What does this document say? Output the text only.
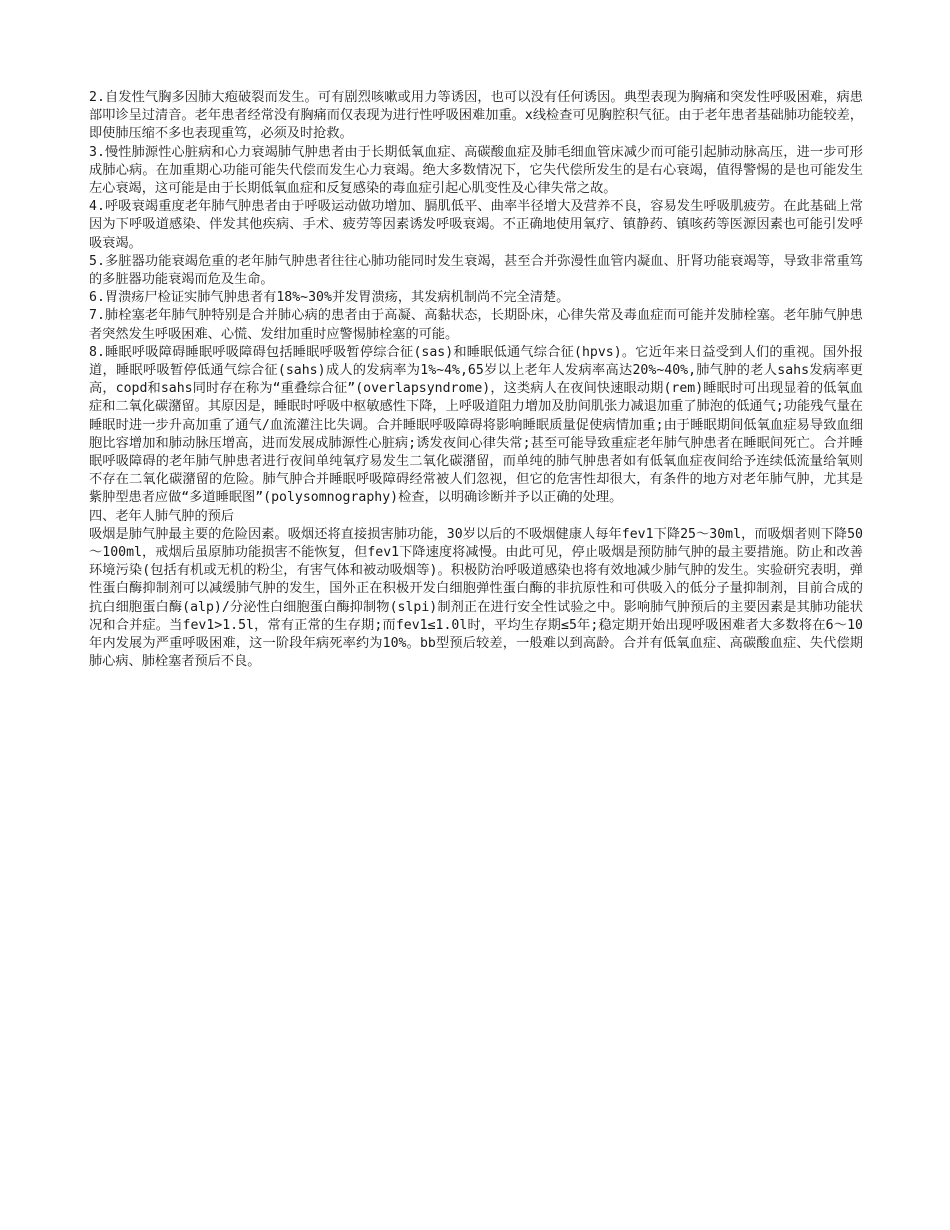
2.自发性气胸多因肺大疱破裂而发生。可有剧烈咳嗽或用力等诱因，也可以没有任何诱因。典型表现为胸痛和突发性呼吸困难，病患部叩诊呈过清音。老年患者经常没有胸痛而仅表现为进行性呼吸困难加重。x线检查可见胸腔积气征。由于老年患者基础肺功能较差，即使肺压缩不多也表现重笃，必须及时抢救。

3.慢性肺源性心脏病和心力衰竭肺气肿患者由于长期低氧血症、高碳酸血症及肺毛细血管床减少而可能引起肺动脉高压，进一步可形成肺心病。在加重期心功能可能失代偿而发生心力衰竭。绝大多数情况下，它失代偿所发生的是右心衰竭，值得警惕的是也可能发生左心衰竭，这可能是由于长期低氧血症和反复感染的毒血症引起心肌变性及心律失常之故。

4.呼吸衰竭重度老年肺气肿患者由于呼吸运动做功增加、膈肌低平、曲率半径增大及营养不良，容易发生呼吸肌疲劳。在此基础上常因为下呼吸道感染、伴发其他疾病、手术、疲劳等因素诱发呼吸衰竭。不正确地使用氧疗、镇静药、镇咳药等医源因素也可能引发呼吸衰竭。

5.多脏器功能衰竭危重的老年肺气肿患者往往心肺功能同时发生衰竭，甚至合并弥漫性血管内凝血、肝肾功能衰竭等，导致非常重笃的多脏器功能衰竭而危及生命。

6.胃溃疡尸检证实肺气肿患者有18%~30%并发胃溃疡，其发病机制尚不完全清楚。

7.肺栓塞老年肺气肿特别是合并肺心病的患者由于高凝、高黏状态，长期卧床，心律失常及毒血症而可能并发肺栓塞。老年肺气肿患者突然发生呼吸困难、心慌、发绀加重时应警惕肺栓塞的可能。

8.睡眠呼吸障碍睡眠呼吸障碍包括睡眠呼吸暂停综合征(sas)和睡眠低通气综合征(hpvs)。它近年来日益受到人们的重视。国外报道，睡眠呼吸暂停低通气综合征(sahs)成人的发病率为1%~4%,65岁以上老年人发病率高达20%~40%,肺气肿的老人sahs发病率更高，copd和sahs同时存在称为“重叠综合征”(overlapsyndrome)，这类病人在夜间快速眼动期(rem)睡眠时可出现显着的低氧血症和二氧化碳潴留。其原因是，睡眠时呼吸中枢敏感性下降，上呼吸道阻力增加及肋间肌张力减退加重了肺泡的低通气;功能残气量在睡眠时进一步升高加重了通气/血流灌注比失调。合并睡眠呼吸障碍将影响睡眠质量促使病情加重;由于睡眠期间低氧血症易导致血细胞比容增加和肺动脉压增高，进而发展成肺源性心脏病;诱发夜间心律失常;甚至可能导致重症老年肺气肿患者在睡眠间死亡。合并睡眠呼吸障碍的老年肺气肿患者进行夜间单纯氧疗易发生二氧化碳潴留，而单纯的肺气肿患者如有低氧血症夜间给予连续低流量给氧则不存在二氧化碳潴留的危险。肺气肿合并睡眠呼吸障碍经常被人们忽视，但它的危害性却很大，有条件的地方对老年肺气肿，尤其是紫肿型患者应做“多道睡眠图”(polysomnography)检查，以明确诊断并予以正确的处理。

四、老年人肺气肿的预后

吸烟是肺气肿最主要的危险因素。吸烟还将直接损害肺功能，30岁以后的不吸烟健康人每年fev1下降25～30ml，而吸烟者则下降50～100ml，戒烟后虽原肺功能损害不能恢复，但fev1下降速度将减慢。由此可见，停止吸烟是预防肺气肿的最主要措施。防止和改善环境污染(包括有机或无机的粉尘，有害气体和被动吸烟等)。积极防治呼吸道感染也将有效地减少肺气肿的发生。实验研究表明，弹性蛋白酶抑制剂可以减缓肺气肿的发生，国外正在积极开发白细胞弹性蛋白酶的非抗原性和可供吸入的低分子量抑制剂，目前合成的抗白细胞蛋白酶(alp)/分泌性白细胞蛋白酶抑制物(slpi)制剂正在进行安全性试验之中。影响肺气肿预后的主要因素是其肺功能状况和合并症。当fev1>1.5l，常有正常的生存期;而fev1≤1.0l时，平均生存期≤5年;稳定期开始出现呼吸困难者大多数将在6～10年内发展为严重呼吸困难，这一阶段年病死率约为10%。bb型预后较差，一般难以到高龄。合并有低氧血症、高碳酸血症、失代偿期肺心病、肺栓塞者预后不良。
